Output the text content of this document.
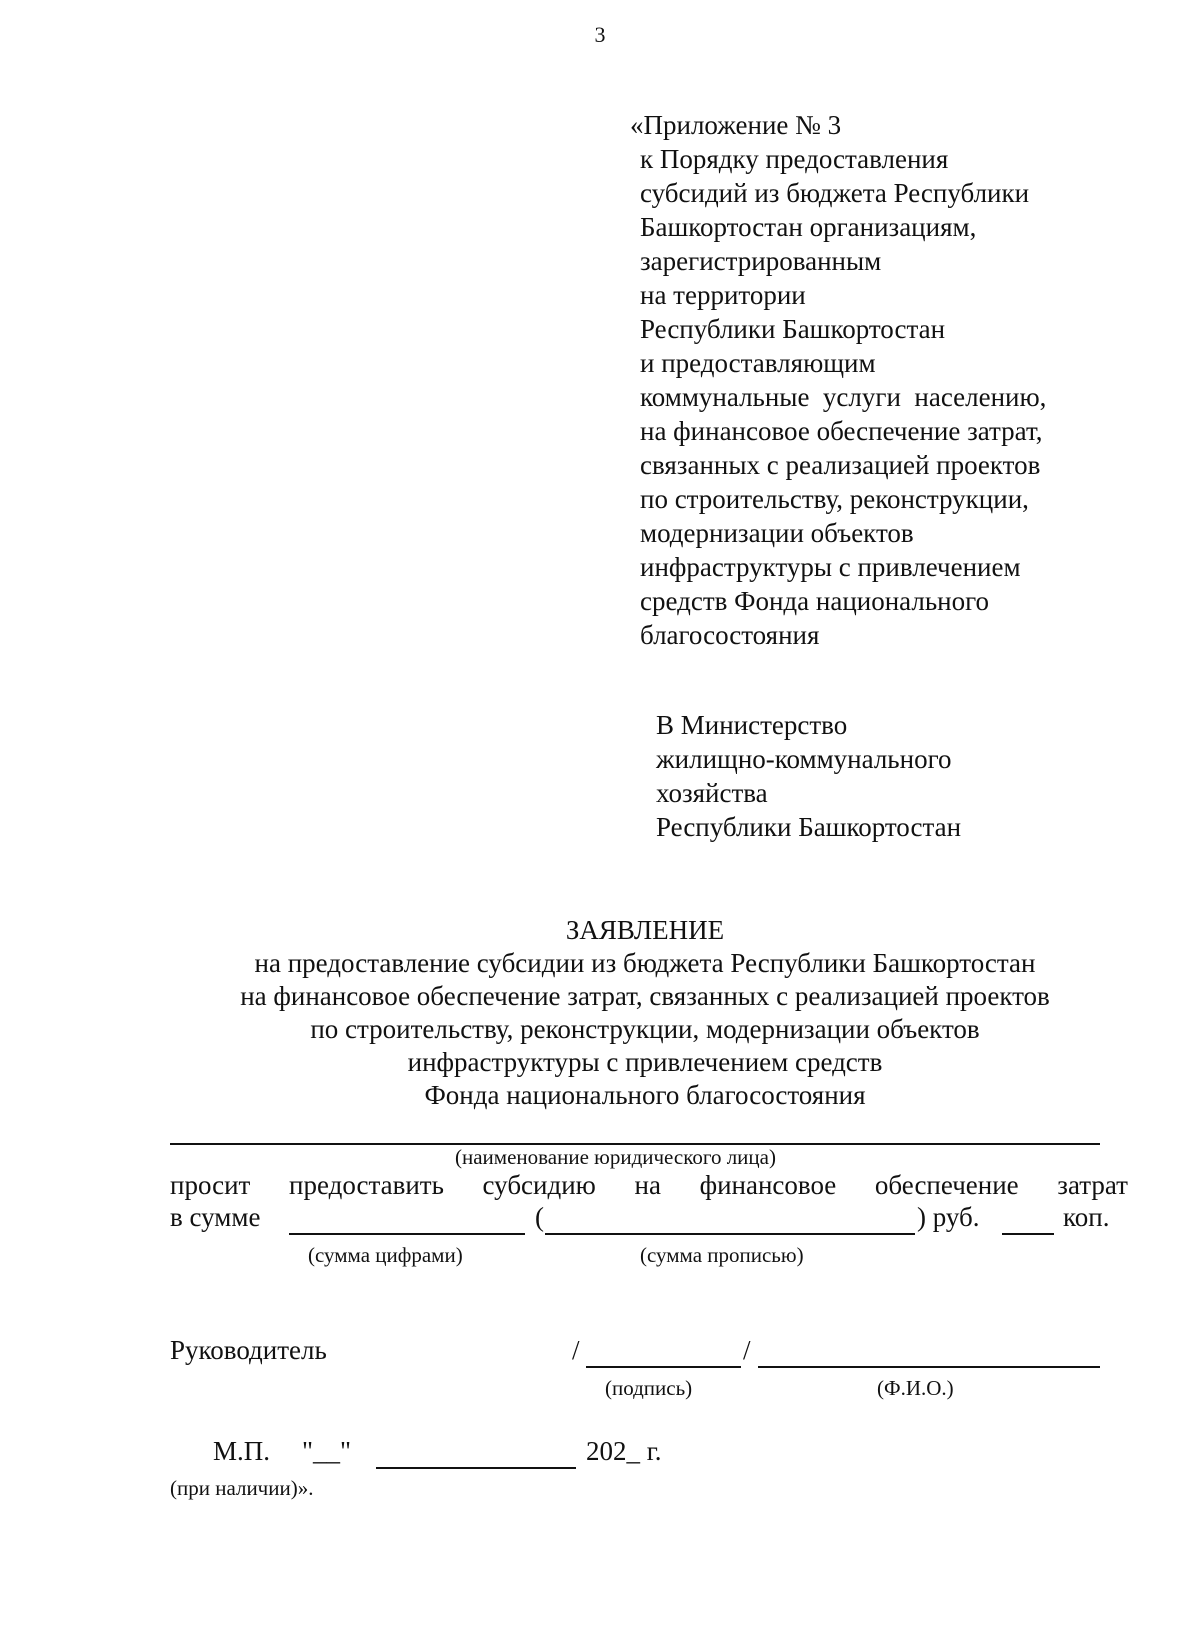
3
«Приложение № 3
к Порядку предоставления
субсидий из бюджета Республики
Башкортостан организациям,
зарегистрированным
на территории
Республики Башкортостан
и предоставляющим
коммунальные  услуги  населению,
на финансовое обеспечение затрат,
связанных с реализацией проектов
по строительству, реконструкции,
модернизации объектов
инфраструктуры с привлечением
средств Фонда национального
благосостояния
В Министерство
жилищно-коммунального
хозяйства
Республики Башкортостан
ЗАЯВЛЕНИЕ
на предоставление субсидии из бюджета Республики Башкортостан
на финансовое обеспечение затрат, связанных с реализацией проектов
по строительству, реконструкции, модернизации объектов
инфраструктуры с привлечением средств
Фонда национального благосостояния
(наименование юридического лица)
просит предоставить субсидию на финансовое обеспечение затрат
в сумме	(	) руб.	коп.
(сумма цифрами)	(сумма прописью)
Руководитель	/	/
(подпись)	(Ф.И.О.)
М.П. "__"	202_ г.
(при наличии)».
